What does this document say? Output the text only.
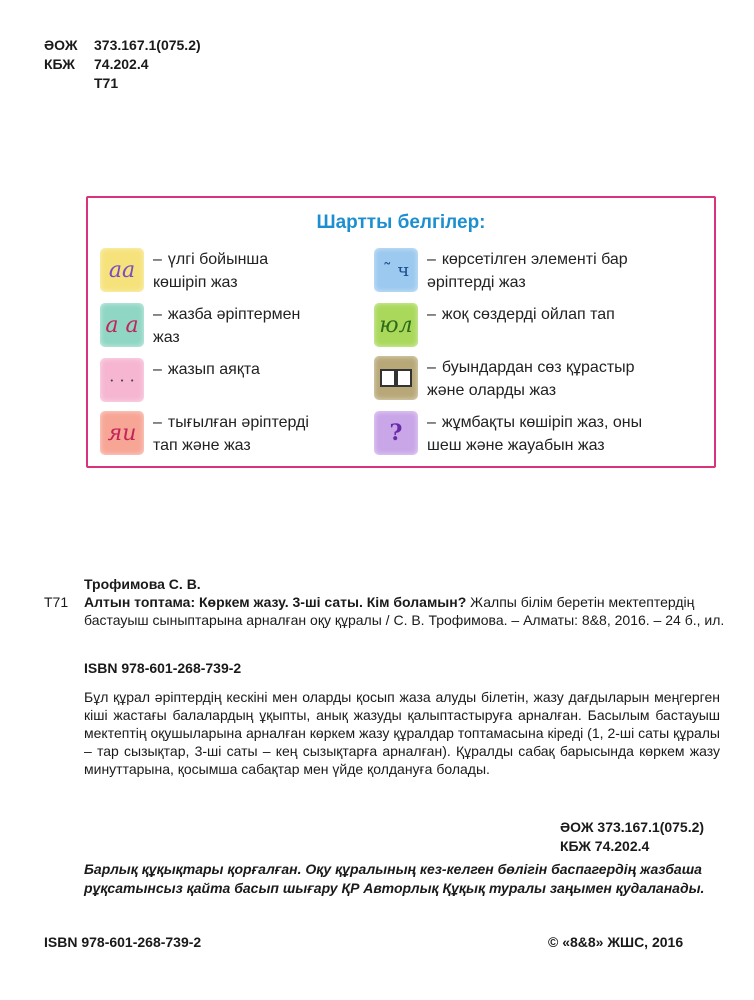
ӘОЖ	373.167.1(075.2)
КБЖ	74.202.4
Т71
Шартты белгілер:
аа	– үлгі бойынша
көшіріп жаз
а а – жазба әріптермен
жаз
· · ·
– жазып аяқта
яи	– тығылған әріптерді
тап және жаз
˜ ч	– көрсетілген элементі бар
әріптерді жаз
юл – жоқ сөздерді ойлап тап
– буындардан сөз құрастыр
және оларды жаз
?	– жұмбақты көшіріп жаз, оны
шеш және жауабын жаз
Трофимова С. В.
Т71 Алтын топтама: Көркем жазу. 3-ші саты. Кім боламын? Жалпы білім беретін мектептердің бастауыш сыныптарына арналған оқу құралы / С. В. Трофимова. – Алматы: 8&8, 2016. – 24 б., ил.
ISBN 978-601-268-739-2
Бұл құрал әріптердің кескіні мен оларды қосып жаза алуды білетін, жазу дағдыларын меңгерген кіші жастағы балалардың ұқыпты, анық жазуды қалыптастыруға арналған. Басылым бастауыш мектептің оқушыларына арналған көркем жазу құралдар топтамасына кіреді (1, 2-ші саты құралы – тар сызықтар, 3-ші саты – кең сызықтарға арналған). Құралды сабақ барысында көркем жазу минуттарына, қосымша сабақтар мен үйде қолдануға болады.
ӘОЖ 373.167.1(075.2)
КБЖ 74.202.4
Барлық құқықтары қорғалған. Оқу құралының кез-келген бөлігін баспагердің жазбаша рұқсатынсыз қайта басып шығару ҚР Авторлық Құқық туралы заңымен қудаланады.
ISBN 978-601-268-739-2	© «8&8» ЖШС, 2016
